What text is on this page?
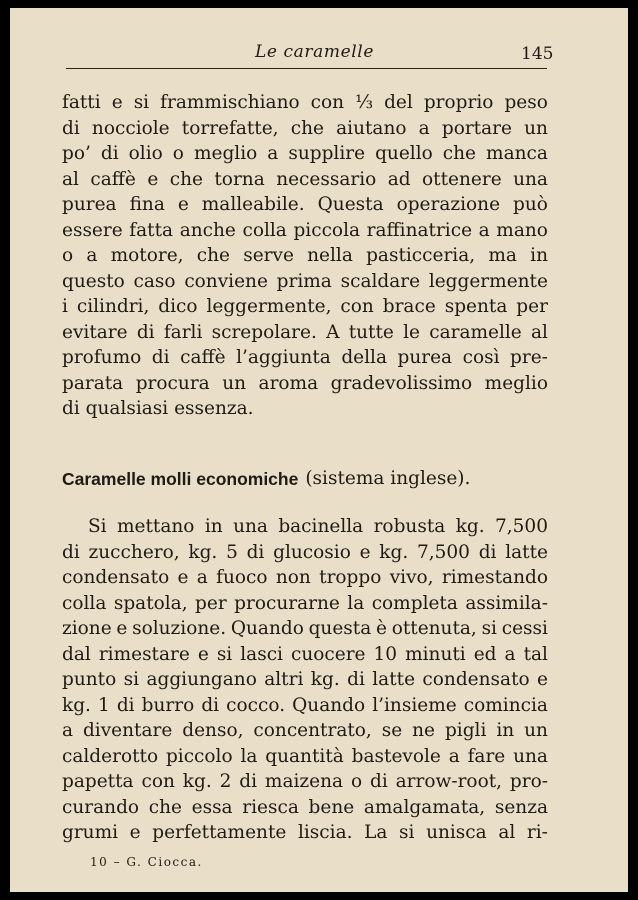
Le caramelle	145
fatti e si frammischiano con ⅓ del proprio peso
di nocciole torrefatte, che aiutano a portare un
po’ di olio o meglio a supplire quello che manca
al caffè e che torna necessario ad ottenere una
purea fina e malleabile. Questa operazione può
essere fatta anche colla piccola raffinatrice a mano
o a motore, che serve nella pasticceria, ma in
questo caso conviene prima scaldare leggermente
i cilindri, dico leggermente, con brace spenta per
evitare di farli screpolare. A tutte le caramelle al
profumo di caffè l’aggiunta della purea così pre-
parata procura un aroma gradevolissimo meglio
di qualsiasi essenza.
Caramelle molli economiche (sistema inglese).
Si mettano in una bacinella robusta kg. 7,500
di zucchero, kg. 5 di glucosio e kg. 7,500 di latte
condensato e a fuoco non troppo vivo, rimestando
colla spatola, per procurarne la completa assimila-
zione e soluzione. Quando questa è ottenuta, si cessi
dal rimestare e si lasci cuocere 10 minuti ed a tal
punto si aggiungano altri kg. di latte condensato e
kg. 1 di burro di cocco. Quando l’insieme comincia
a diventare denso, concentrato, se ne pigli in un
calderotto piccolo la quantità bastevole a fare una
papetta con kg. 2 di maizena o di arrow-root, pro-
curando che essa riesca bene amalgamata, senza
grumi e perfettamente liscia. La si unisca al ri-
10 – G. Ciocca.
